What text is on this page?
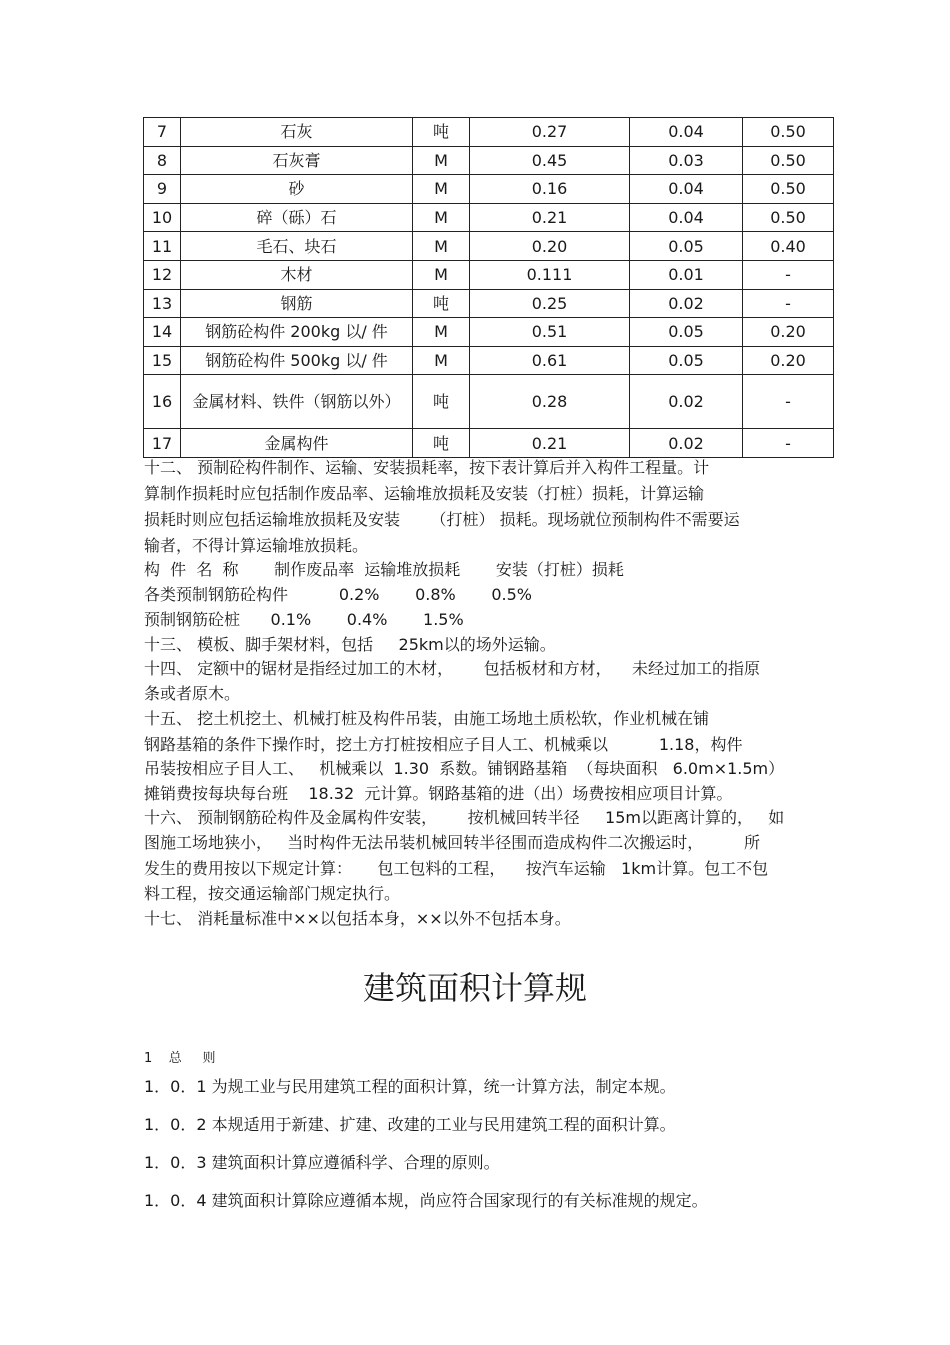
7	石灰	吨	0.27	0.04	0.50
8	石灰膏	M	0.45	0.03	0.50
9	砂	M	0.16	0.04	0.50
10	碎（砾）石	M	0.21	0.04	0.50
11	毛石、块石	M	0.20	0.05	0.40
12	木材	M	0.111	0.01	-
13	钢筋	吨	0.25	0.02	-
14	钢筋砼构件 200kg 以/ 件	M	0.51	0.05	0.20
15	钢筋砼构件 500kg 以/ 件	M	0.61	0.05	0.20
16	金属材料、铁件（钢筋以外）	吨	0.28	0.02	-
17	金属构件	吨	0.21	0.02	-
十二、 预制砼构件制作、运输、安装损耗率，按下表计算后并入构件工程量。计
算制作损耗时应包括制作废品率、运输堆放损耗及安装（打桩）损耗，计算运输
损耗时则应包括运输堆放损耗及安装      （打桩） 损耗。现场就位预制构件不需要运
输者，不得计算运输堆放损耗。
构  件  名  称       制作废品率  运输堆放损耗       安装（打桩）损耗
各类预制钢筋砼构件          0.2%       0.8%       0.5%
预制钢筋砼桩      0.1%       0.4%       1.5%
十三、 模板、脚手架材料，包括     25km以的场外运输。
十四、 定额中的锯材是指经过加工的木材，      包括板材和方材，    未经过加工的指原
条或者原木。
十五、 挖土机挖土、机械打桩及构件吊装，由施工场地土质松软，作业机械在铺
钢路基箱的条件下操作时，挖土方打桩按相应子目人工、机械乘以          1.18，构件
吊装按相应子目人工、   机械乘以  1.30  系数。铺钢路基箱  （每块面积   6.0m×1.5m）
摊销费按每块每台班    18.32  元计算。钢路基箱的进（出）场费按相应项目计算。
十六、 预制钢筋砼构件及金属构件安装，      按机械回转半径     15m以距离计算的，   如
图施工场地狭小，   当时构件无法吊装机械回转半径围而造成构件二次搬运时，        所
发生的费用按以下规定计算：     包工包料的工程，    按汽车运输   1km计算。包工不包
料工程，按交通运输部门规定执行。
十七、 消耗量标准中××以包括本身，××以外不包括本身。
建筑面积计算规
1    总     则
1．0．1 为规工业与民用建筑工程的面积计算，统一计算方法，制定本规。
1．0．2 本规适用于新建、扩建、改建的工业与民用建筑工程的面积计算。
1．0．3 建筑面积计算应遵循科学、合理的原则。
1．0．4 建筑面积计算除应遵循本规，尚应符合国家现行的有关标准规的规定。
